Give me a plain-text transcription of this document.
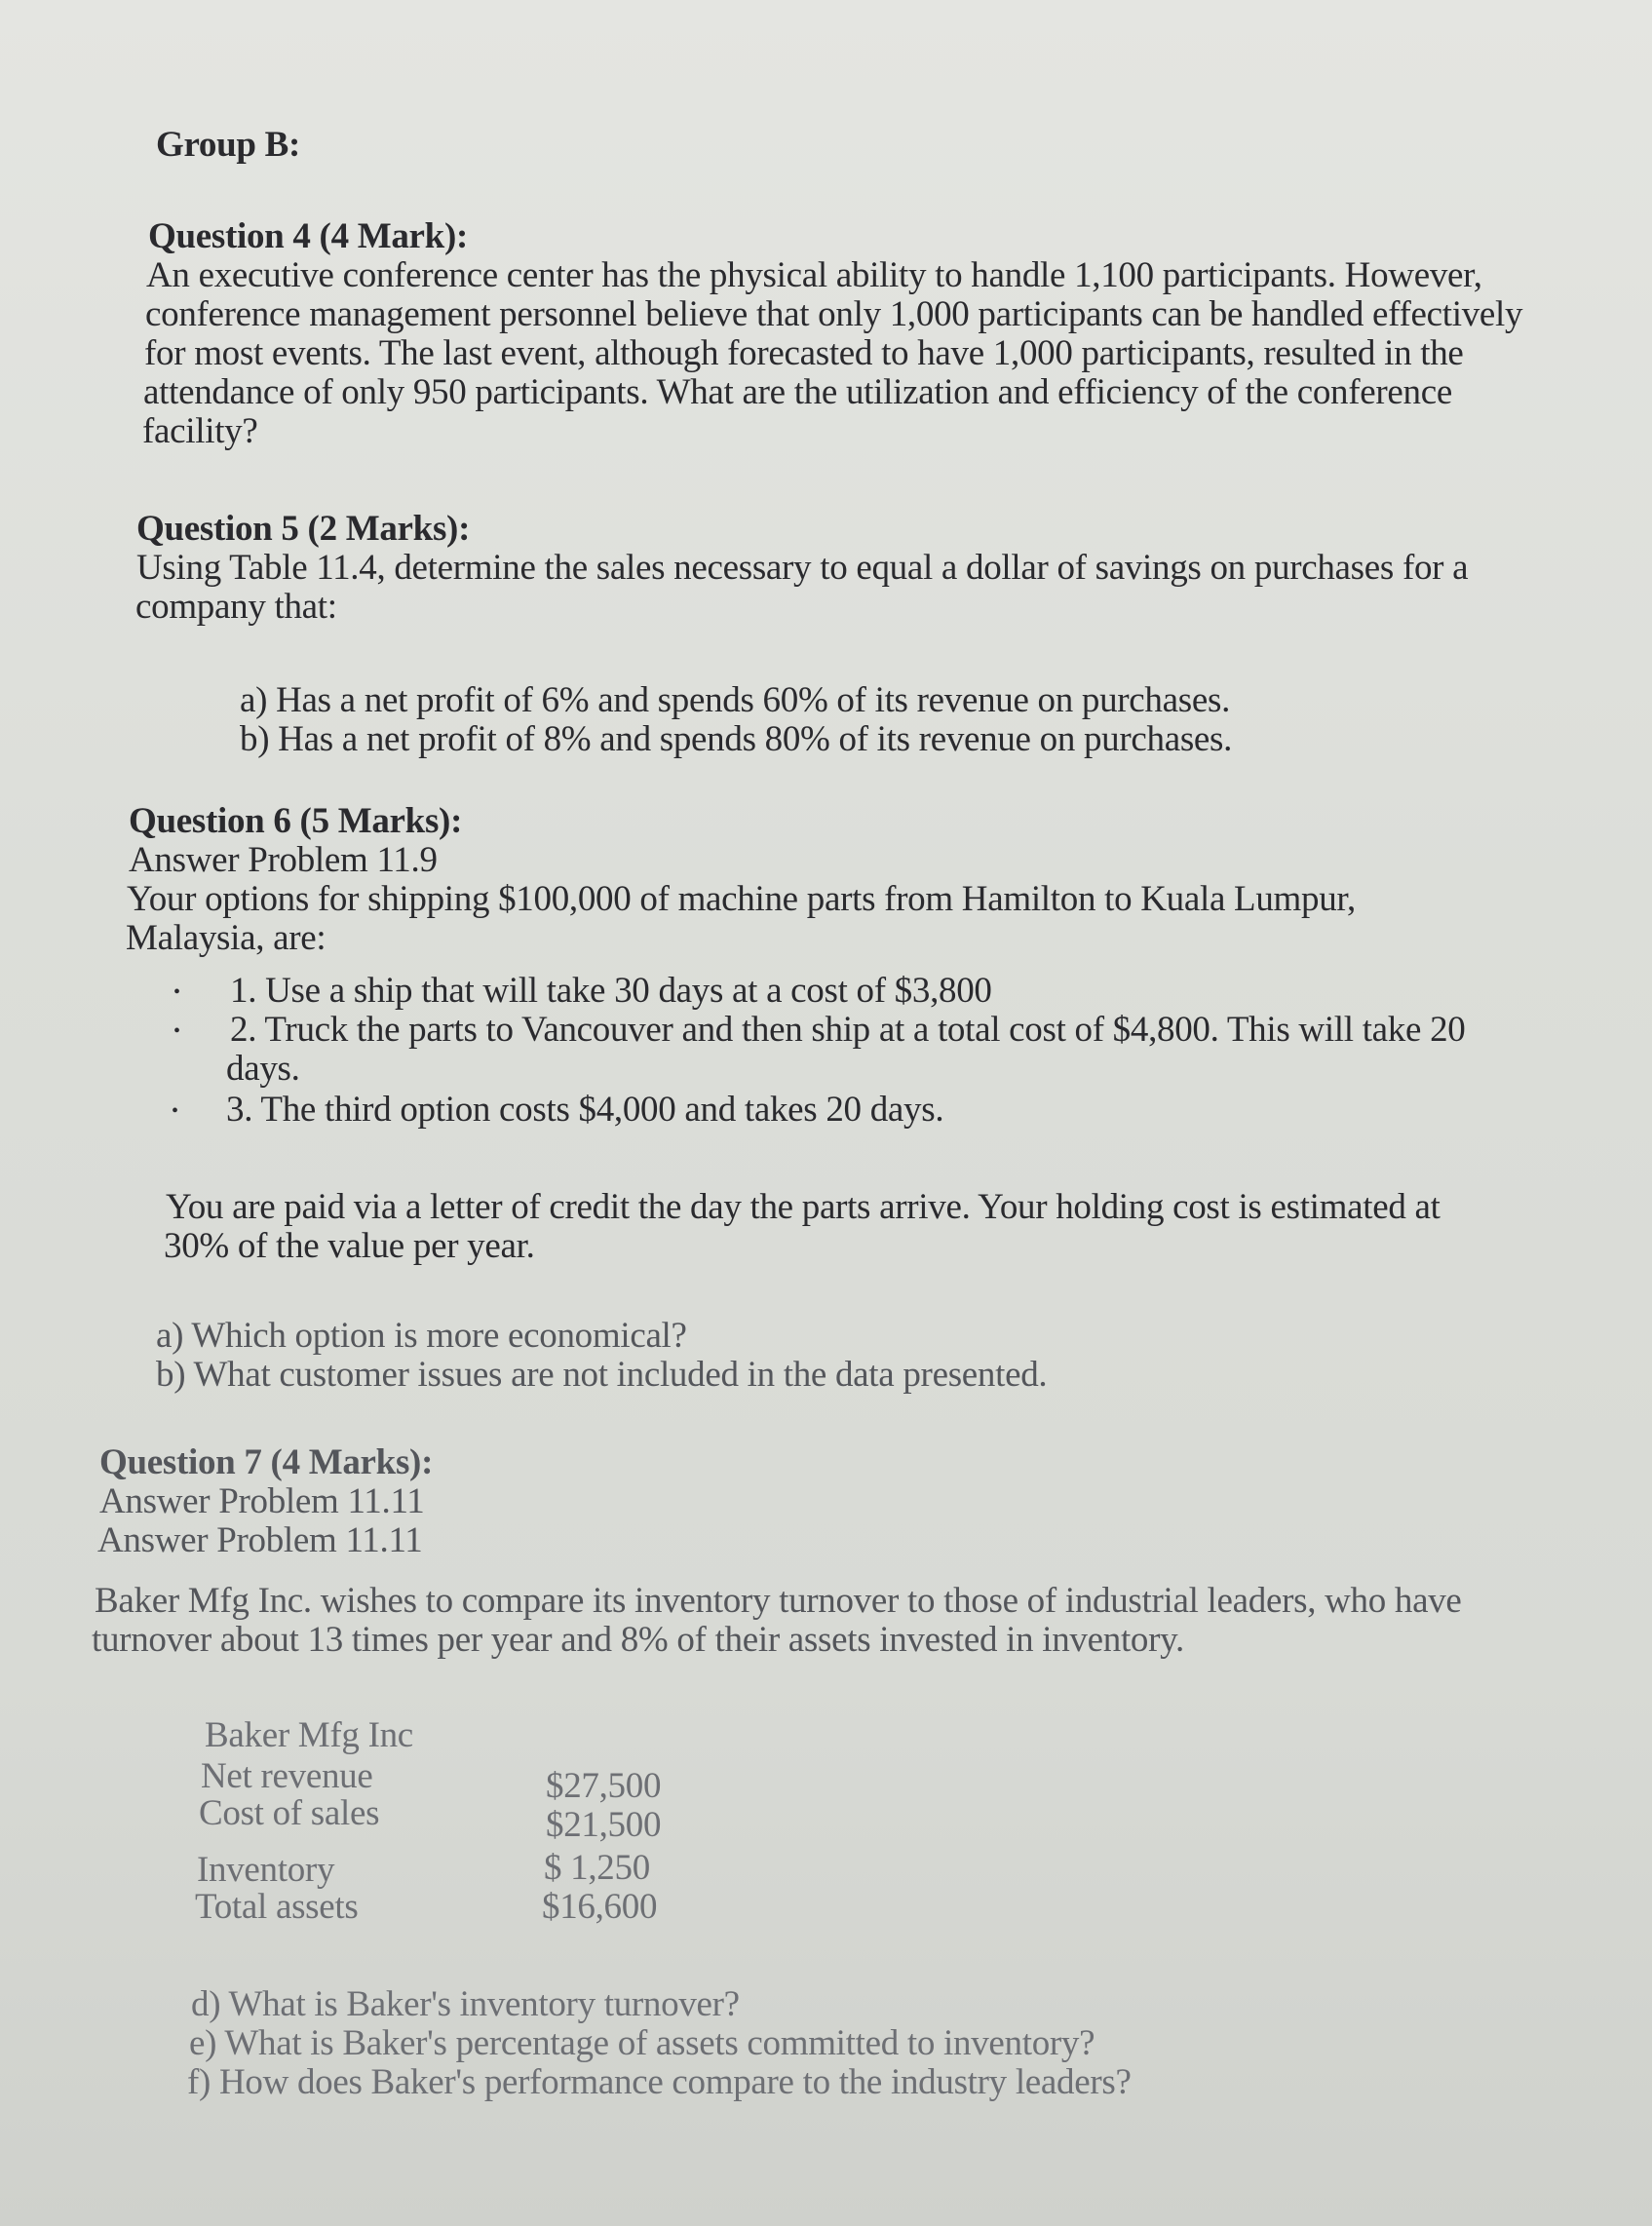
Group B:
Question 4 (4 Mark):
An executive conference center has the physical ability to handle 1,100 participants. However,
conference management personnel believe that only 1,000 participants can be handled effectively
for most events. The last event, although forecasted to have 1,000 participants, resulted in the
attendance of only 950 participants. What are the utilization and efficiency of the conference
facility?
Question 5 (2 Marks):
Using Table 11.4, determine the sales necessary to equal a dollar of savings on purchases for a
company that:
a) Has a net profit of 6% and spends 60% of its revenue on purchases.
b) Has a net profit of 8% and spends 80% of its revenue on purchases.
Question 6 (5 Marks):
Answer Problem 11.9
Your options for shipping $100,000 of machine parts from Hamilton to Kuala Lumpur,
Malaysia, are:
• 1. Use a ship that will take 30 days at a cost of $3,800
• 2. Truck the parts to Vancouver and then ship at a total cost of $4,800. This will take 20
days.
• 3. The third option costs $4,000 and takes 20 days.
You are paid via a letter of credit the day the parts arrive. Your holding cost is estimated at
30% of the value per year.
a) Which option is more economical?
b) What customer issues are not included in the data presented.
Question 7 (4 Marks):
Answer Problem 11.11
Answer Problem 11.11
Baker Mfg Inc. wishes to compare its inventory turnover to those of industrial leaders, who have
turnover about 13 times per year and 8% of their assets invested in inventory.
Baker Mfg Inc
Net revenue	$27,500
Cost of sales	$21,500
Inventory	$ 1,250
Total assets	$16,600
d) What is Baker's inventory turnover?
e) What is Baker's percentage of assets committed to inventory?
f) How does Baker's performance compare to the industry leaders?
